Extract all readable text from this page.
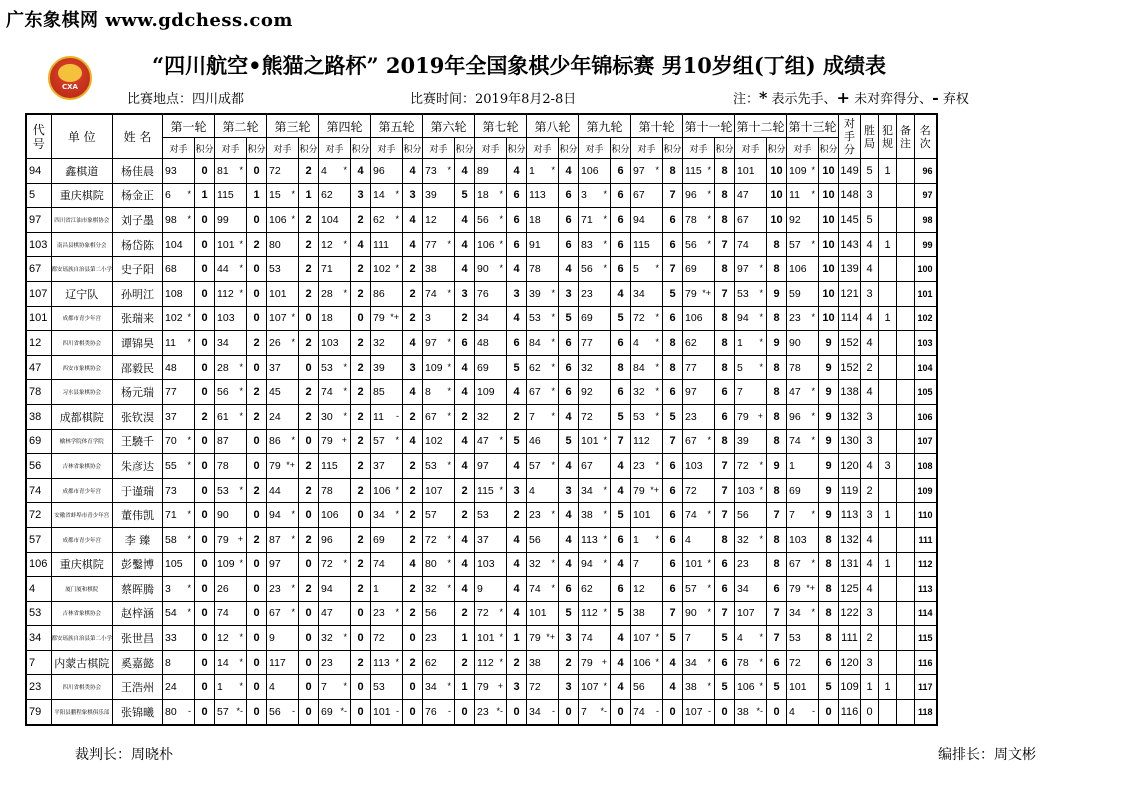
广东象棋网 www.gdchess.com
CXA
“四川航空•熊猫之路杯” 2019年全国象棋少年锦标赛 男10岁组(丁组) 成绩表
比赛地点：四川成都	比赛时间：2019年8月2-8日	注：* 表示先手、+ 未对弈得分、- 弃权
代号	单 位	姓 名	第一轮		第二轮		第三轮		第四轮		第五轮		第六轮		第七轮		第八轮		第九轮		第十轮		第十一轮		第十二轮		第十三轮		对手分	胜局	犯规	备注	名次
			对手	积分	对手	积分	对手	积分	对手	积分	对手	积分	对手	积分	对手	积分	对手	积分	对手	积分	对手	积分	对手	积分	对手	积分	对手	积分					
94	鑫棋道	杨佳晨	93	0	81 *	0	72	2	4 *	4	96	4	73 *	4	89	4	1 *	4	106	6	97 *	8	115 *	8	101	10	109 *	10	149	5	1		96
5	重庆棋院	杨金正	6 *	1	115	1	15 *	1	62	3	14 *	3	39	5	18 *	6	113	6	3 *	6	67	7	96 *	8	47	10	11 *	10	148	3			97
97	四川省江油市象棋协会	刘子墨	98 *	0	99	0	106 *	2	104	2	62 *	4	12	4	56 *	6	18	6	71 *	6	94	6	78 *	8	67	10	92	10	145	5			98
103	南昌县棋协象棋分会	杨岱陈	104	0	101 *	2	80	2	12 *	4	111	4	77 *	4	106 *	6	91	6	83 *	6	115	6	56 *	7	74	8	57 *	10	143	4	1		99
67	都安瑶族自治县第二小学	史子阳	68	0	44 *	0	53	2	71	2	102 *	2	38	4	90 *	4	78	4	56 *	6	5 *	7	69	8	97 *	8	106	10	139	4			100
107	辽宁队	孙明江	108	0	112 *	0	101	2	28 *	2	86	2	74 *	3	76	3	39 *	3	23	4	34	5	79 *+	7	53 *	9	59	10	121	3			101
101	成都市青少年宫	张瑞来	102 *	0	103	0	107 *	0	18	0	79 *+	2	3	2	34	4	53 *	5	69	5	72 *	6	106	8	94 *	8	23 *	10	114	4	1		102
12	四川省棋类协会	谭锦昊	11 *	0	34	2	26 *	2	103	2	32	4	97 *	6	48	6	84 *	6	77	6	4 *	8	62	8	1 *	9	90	9	152	4			103
47	西安市象棋协会	邵毅民	48	0	28 *	0	37	0	53 *	2	39	3	109 *	4	69	5	62 *	6	32	8	84 *	8	77	8	5 *	8	78	9	152	2			104
78	习水县象棋协会	杨元瑞	77	0	56 *	2	45	2	74 *	2	85	4	8 *	4	109	4	67 *	6	92	6	32 *	6	97	6	7	8	47 *	9	138	4			105
38	成都棋院	张钦淏	37	2	61 *	2	24	2	30 *	2	11 -	2	67 *	2	32	2	7 *	4	72	5	53 *	5	23	6	79 +	8	96 *	9	132	3			106
69	榆林学院体育学院	王驍千	70 *	0	87	0	86 *	0	79 +	2	57 *	4	102	4	47 *	5	46	5	101 *	7	112	7	67 *	8	39	8	74 *	9	130	3			107
56	吉林省象棋协会	朱彦达	55 *	0	78	0	79 *+	2	115	2	37	2	53 *	4	97	4	57 *	4	67	4	23 *	6	103	7	72 *	9	1	9	120	4	3		108
74	成都市青少年宫	于谨瑞	73	0	53 *	2	44	2	78	2	106 *	2	107	2	115 *	3	4	3	34 *	4	79 *+	6	72	7	103 *	8	69	9	119	2			109
72	安徽省蚌埠市青少年宫	董伟凯	71 *	0	90	0	94 *	0	106	0	34 *	2	57	2	53	2	23 *	4	38 *	5	101	6	74 *	7	56	7	7 *	9	113	3	1		110
57	成都市青少年宫	李 臻	58 *	0	79 +	2	87 *	2	96	2	69	2	72 *	4	37	4	56	4	113 *	6	1 *	6	4	8	32 *	8	103	8	132	4			111
106	重庆棋院	彭鑿博	105	0	109 *	0	97	0	72 *	2	74	4	80 *	4	103	4	32 *	4	94 *	4	7	6	101 *	6	23	8	67 *	8	131	4	1		112
4	厦门厦和棋院	蔡晖腾	3 *	0	26	0	23 *	2	94	2	1	2	32 *	4	9	4	74 *	6	62	6	12	6	57 *	6	34	6	79 *+	8	125	4			113
53	吉林省象棋协会	赵梓涵	54 *	0	74	0	67 *	0	47	0	23 *	2	56	2	72 *	4	101	5	112 *	5	38	7	90 *	7	107	7	34 *	8	122	3			114
34	都安瑶族自治县第二小学	张世昌	33	0	12 *	0	9	0	32 *	0	72	0	23	1	101 *	1	79 *+	3	74	4	107 *	5	7	5	4 *	7	53	8	111	2			115
7	内蒙古棋院	奚嘉懿	8	0	14 *	0	117	0	23	2	113 *	2	62	2	112 *	2	38	2	79 +	4	106 *	4	34 *	6	78 *	6	72	6	120	3			116
23	四川省棋类协会	王浩州	24	0	1 *	0	4	0	7 *	0	53	0	34 *	1	79 +	3	72	3	107 *	4	56	4	38 *	5	106 *	5	101	5	109	1	1		117
79	平阳县鹏程象棋俱乐部	张锦曦	80 -	0	57 *-	0	56 -	0	69 *-	0	101 -	0	76 -	0	23 *-	0	34 -	0	7 *-	0	74 -	0	107 -	0	38 *-	0	4 -	0	116	0			118
裁判长：周晓朴	编排长：周文彬
